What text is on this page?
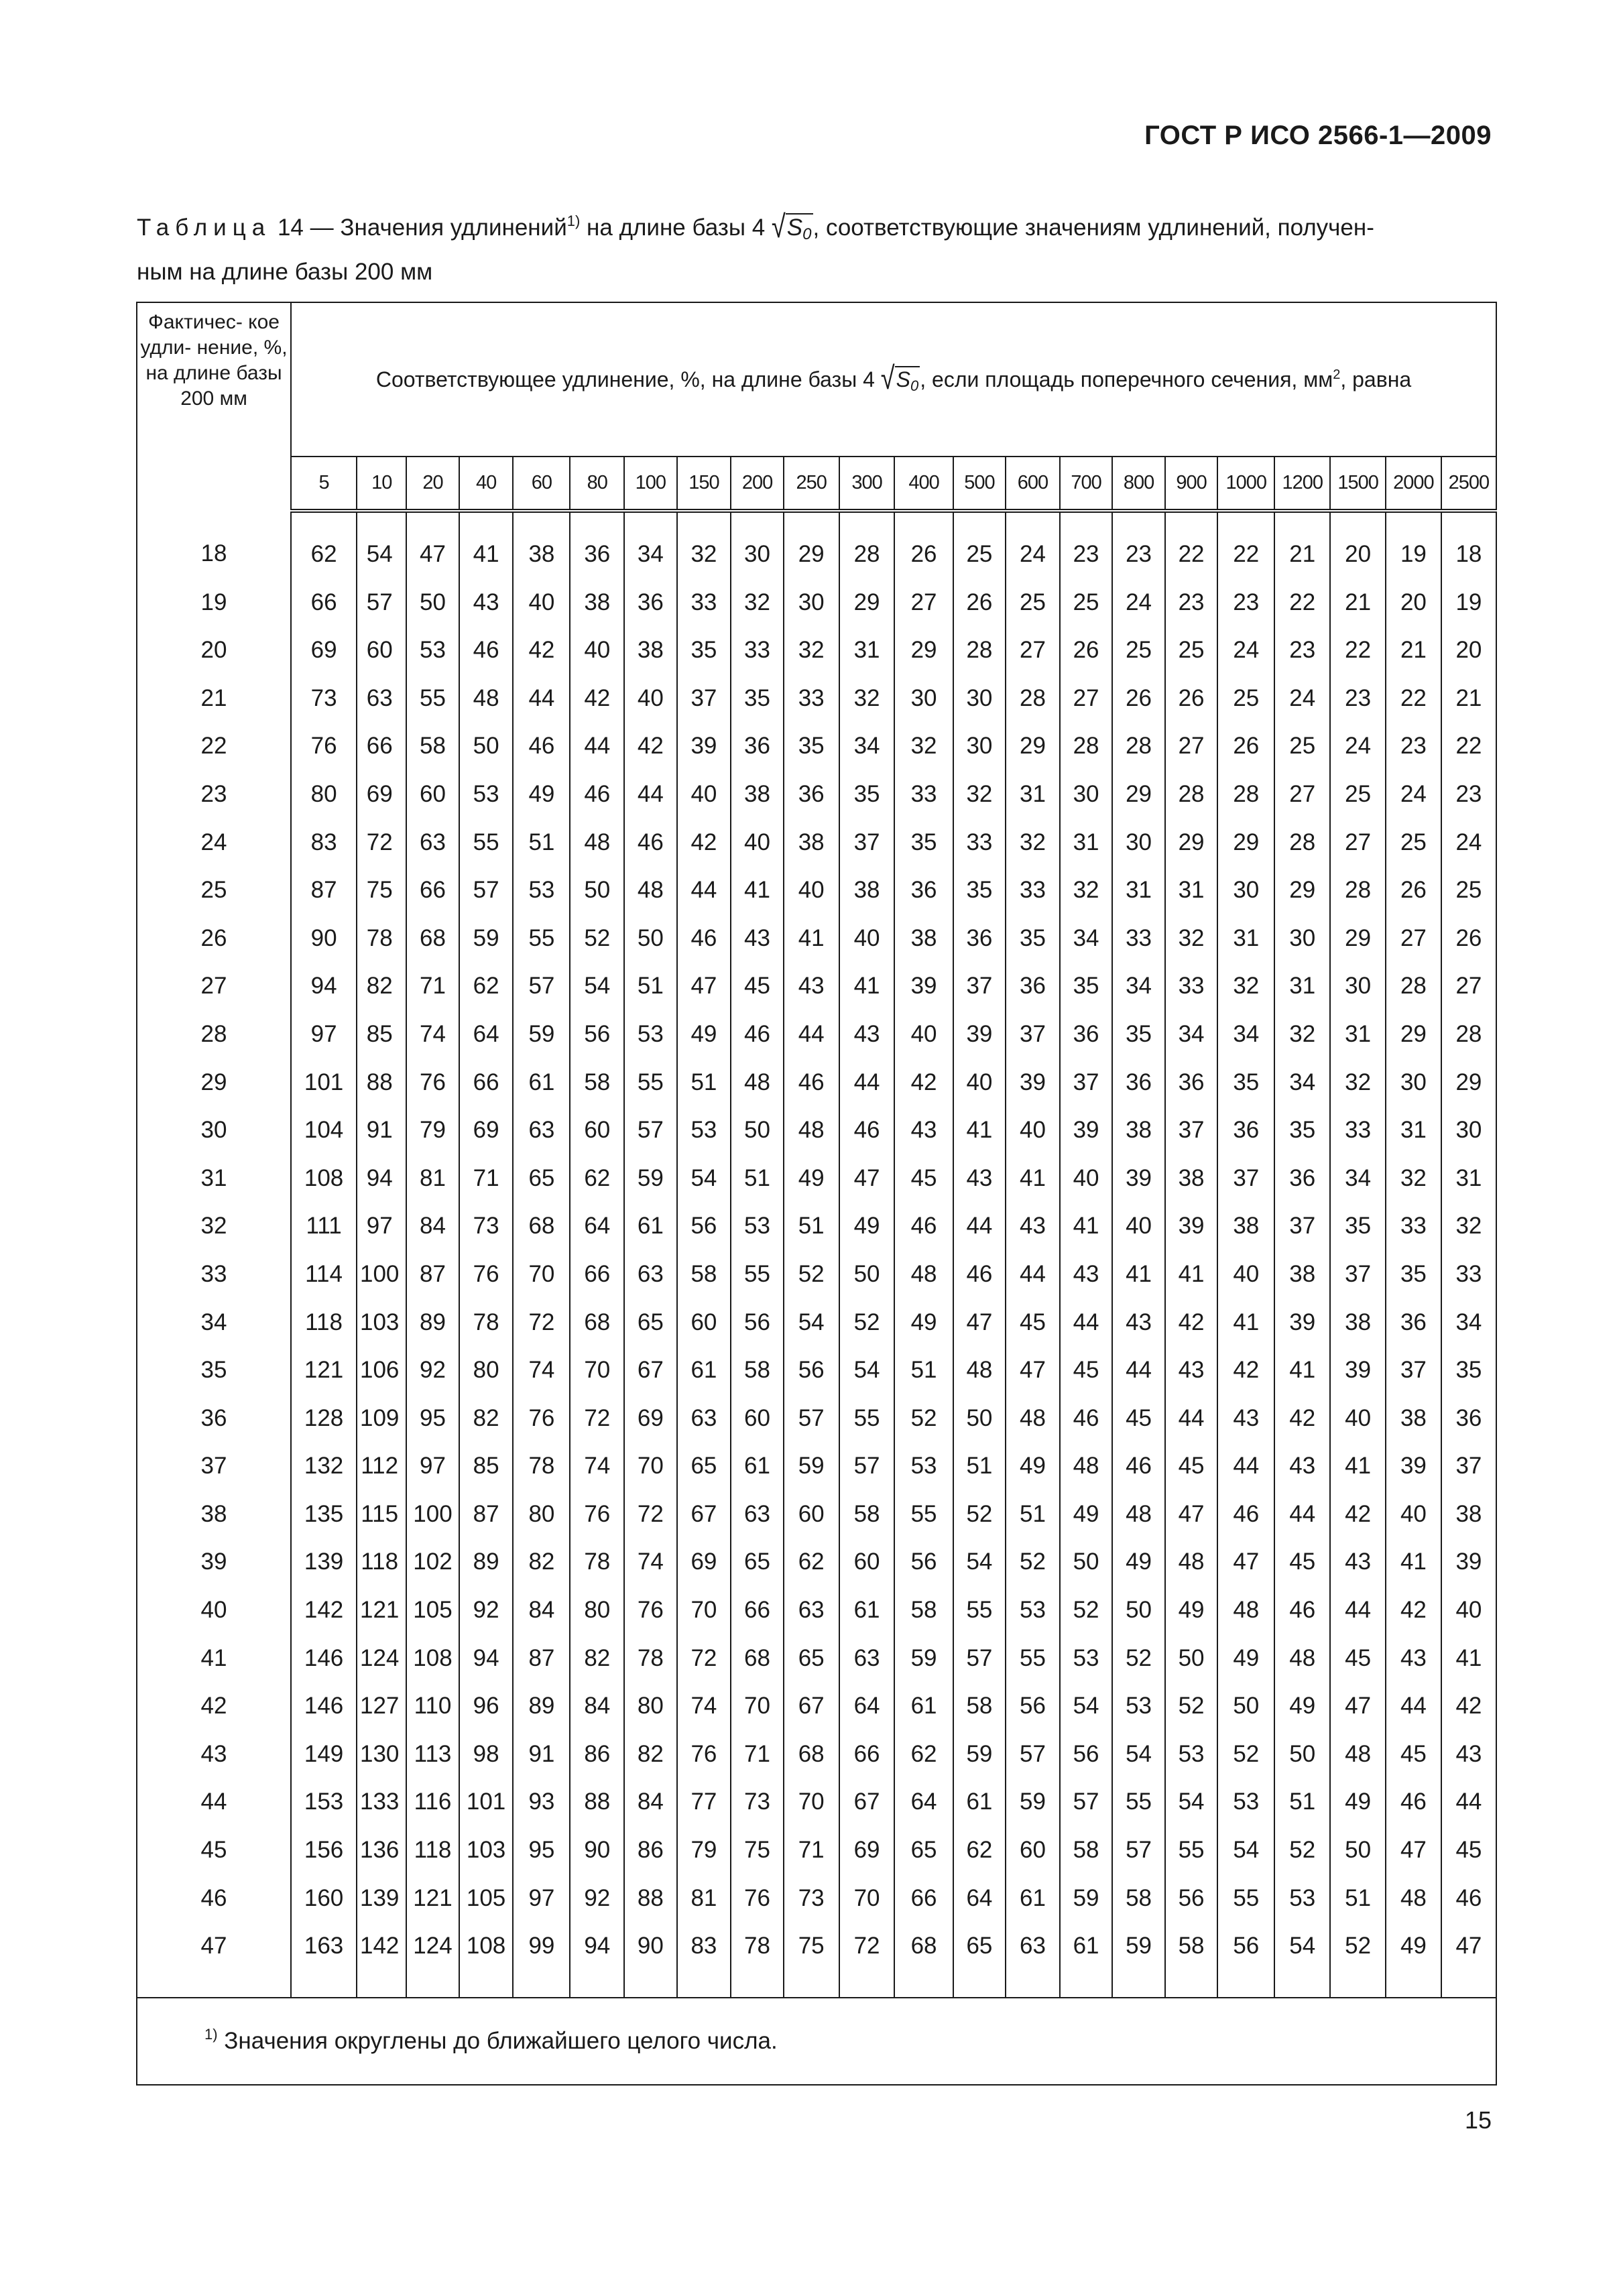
ГОСТ Р ИСО 2566-1—2009
Таблица 14 — Значения удлинений$^{1)}$ на длине базы 4 $√S_0$, соответствующие значениям удлинений, получен-
ным на длине базы 200 мм
Фактичес- кое удли- нение, %, на длине базы 200 мм	Соответствующее удлинение, %, на длине базы 4 $√S_0$, если площадь поперечного сечения, $мм^2$, равна																					
	5	10	20	40	60	80	100	150	200	250	300	400	500	600	700	800	900	1000	1200	1500	2000	2500
18	62	54	47	41	38	36	34	32	30	29	28	26	25	24	23	23	22	22	21	20	19	18
19	66	57	50	43	40	38	36	33	32	30	29	27	26	25	25	24	23	23	22	21	20	19
20	69	60	53	46	42	40	38	35	33	32	31	29	28	27	26	25	25	24	23	22	21	20
21	73	63	55	48	44	42	40	37	35	33	32	30	30	28	27	26	26	25	24	23	22	21
22	76	66	58	50	46	44	42	39	36	35	34	32	30	29	28	28	27	26	25	24	23	22
23	80	69	60	53	49	46	44	40	38	36	35	33	32	31	30	29	28	28	27	25	24	23
24	83	72	63	55	51	48	46	42	40	38	37	35	33	32	31	30	29	29	28	27	25	24
25	87	75	66	57	53	50	48	44	41	40	38	36	35	33	32	31	31	30	29	28	26	25
26	90	78	68	59	55	52	50	46	43	41	40	38	36	35	34	33	32	31	30	29	27	26
27	94	82	71	62	57	54	51	47	45	43	41	39	37	36	35	34	33	32	31	30	28	27
28	97	85	74	64	59	56	53	49	46	44	43	40	39	37	36	35	34	34	32	31	29	28
29	101	88	76	66	61	58	55	51	48	46	44	42	40	39	37	36	36	35	34	32	30	29
30	104	91	79	69	63	60	57	53	50	48	46	43	41	40	39	38	37	36	35	33	31	30
31	108	94	81	71	65	62	59	54	51	49	47	45	43	41	40	39	38	37	36	34	32	31
32	111	97	84	73	68	64	61	56	53	51	49	46	44	43	41	40	39	38	37	35	33	32
33	114	100	87	76	70	66	63	58	55	52	50	48	46	44	43	41	41	40	38	37	35	33
34	118	103	89	78	72	68	65	60	56	54	52	49	47	45	44	43	42	41	39	38	36	34
35	121	106	92	80	74	70	67	61	58	56	54	51	48	47	45	44	43	42	41	39	37	35
36	128	109	95	82	76	72	69	63	60	57	55	52	50	48	46	45	44	43	42	40	38	36
37	132	112	97	85	78	74	70	65	61	59	57	53	51	49	48	46	45	44	43	41	39	37
38	135	115	100	87	80	76	72	67	63	60	58	55	52	51	49	48	47	46	44	42	40	38
39	139	118	102	89	82	78	74	69	65	62	60	56	54	52	50	49	48	47	45	43	41	39
40	142	121	105	92	84	80	76	70	66	63	61	58	55	53	52	50	49	48	46	44	42	40
41	146	124	108	94	87	82	78	72	68	65	63	59	57	55	53	52	50	49	48	45	43	41
42	146	127	110	96	89	84	80	74	70	67	64	61	58	56	54	53	52	50	49	47	44	42
43	149	130	113	98	91	86	82	76	71	68	66	62	59	57	56	54	53	52	50	48	45	43
44	153	133	116	101	93	88	84	77	73	70	67	64	61	59	57	55	54	53	51	49	46	44
45	156	136	118	103	95	90	86	79	75	71	69	65	62	60	58	57	55	54	52	50	47	45
46	160	139	121	105	97	92	88	81	76	73	70	66	64	61	59	58	56	55	53	51	48	46
47	163	142	124	108	99	94	90	83	78	75	72	68	65	63	61	59	58	56	54	52	49	47
$^{1)}$ Значения округлены до ближайшего целого числа.																						
15
